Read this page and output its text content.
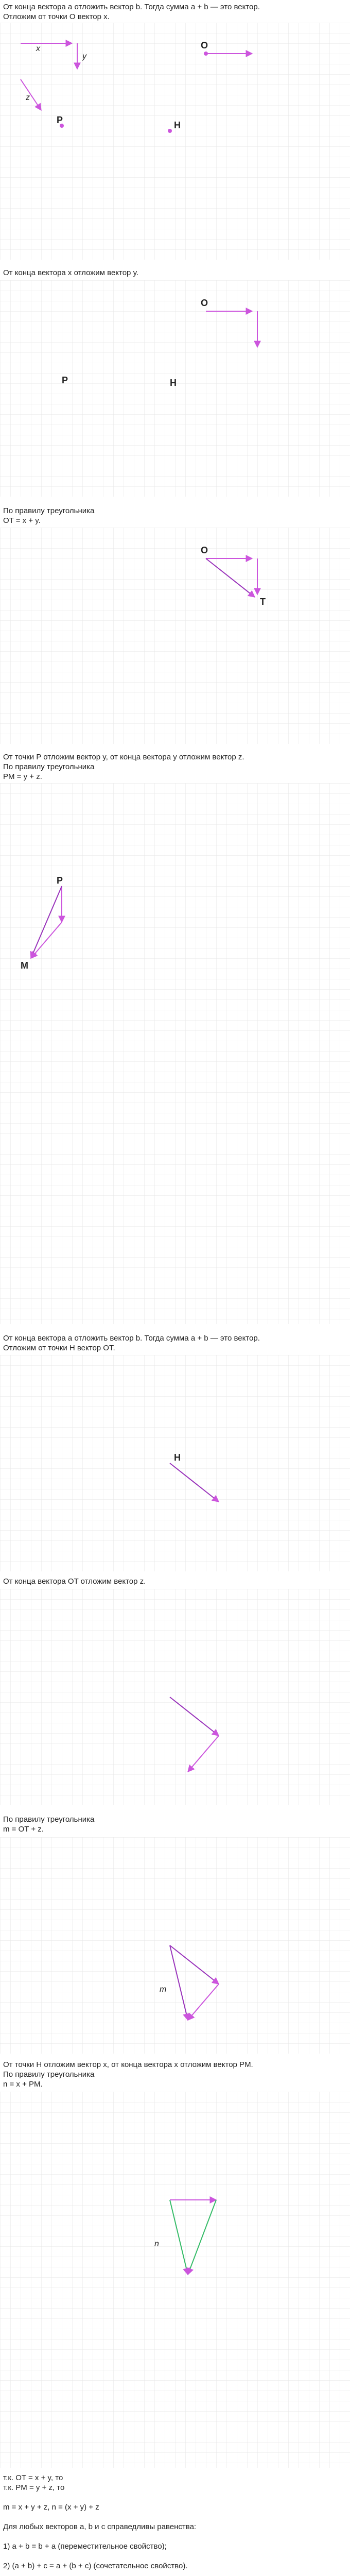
От конца вектора a отложить вектор b. Тогда сумма a + b — это вектор.
Отложим от точки O вектор x.
x
y
z
O
P	H
От конца вектора x отложим вектор y.
O
P	H
По правилу треугольника
OT = x + y.
O
T
От точки P отложим вектор y, от конца вектора y отложим вектор z.
По правилу треугольника
PM = y + z.
P
M
От конца вектора a отложить вектор b. Тогда сумма a + b — это вектор.
Отложим от точки H вектор OT.
H
От конца вектора OT отложим вектор z.
По правилу треугольника
m = OT + z.
m
От точки H отложим вектор x, от конца вектора x отложим вектор PM.
По правилу треугольника
n = x + PM.
n
т.к. OT = x + y, то
т.к. PM = y + z, то

m = x + y + z, n = (x + y) + z

Для любых векторов a, b и c справедливы равенства:

1) a + b = b + a (переместительное свойство);

2) (a + b) + c = a + (b + c) (сочетательное свойство).
